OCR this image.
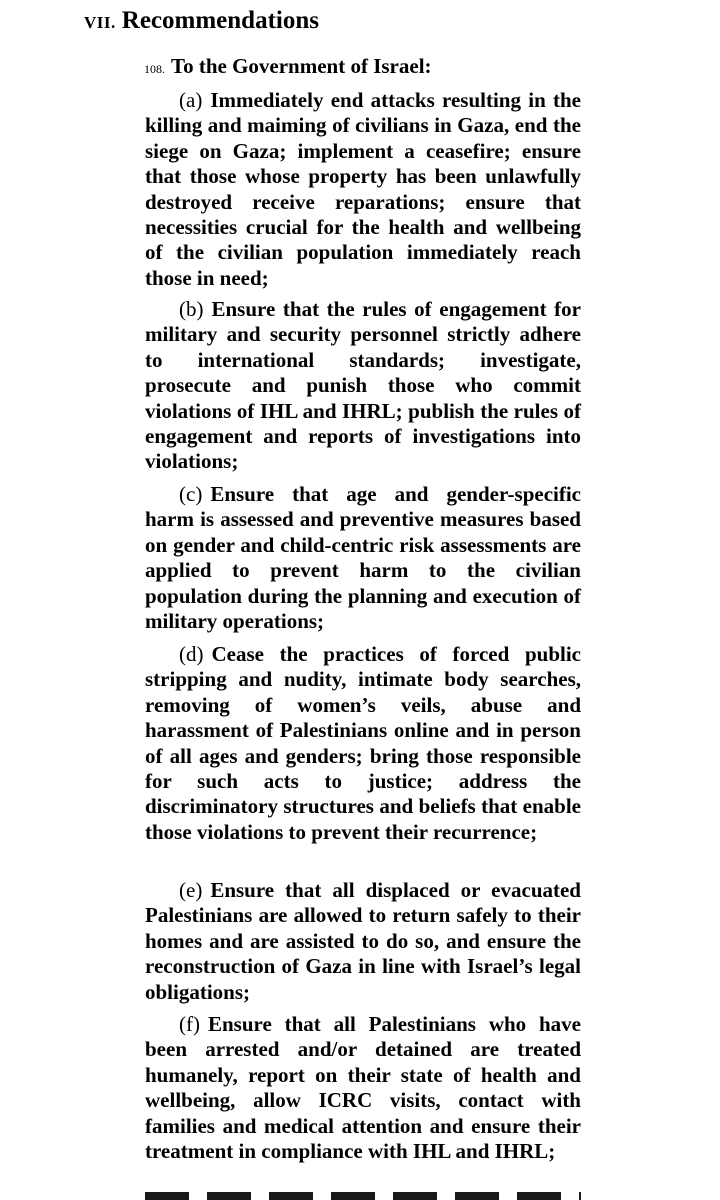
VII. Recommendations
108. To the Government of Israel:

(a) Immediately end attacks resulting in the killing and maiming of civilians in Gaza, end the siege on Gaza; implement a ceasefire; ensure that those whose property has been unlawfully destroyed receive reparations; ensure that necessities crucial for the health and wellbeing of the civilian population immediately reach those in need;

(b) Ensure that the rules of engagement for military and security personnel strictly adhere to international standards; investigate, prosecute and punish those who commit violations of IHL and IHRL; publish the rules of engagement and reports of investigations into violations;

(c) Ensure that age and gender-specific harm is assessed and preventive measures based on gender and child-centric risk assessments are applied to prevent harm to the civilian population during the planning and execution of military operations;

(d) Cease the practices of forced public stripping and nudity, intimate body searches, removing of women’s veils, abuse and harassment of Palestinians online and in person of all ages and genders; bring those responsible for such acts to justice; address the discriminatory structures and beliefs that enable those violations to prevent their recurrence;

(e) Ensure that all displaced or evacuated Palestinians are allowed to return safely to their homes and are assisted to do so, and ensure the reconstruction of Gaza in line with Israel’s legal obligations;

(f) Ensure that all Palestinians who have been arrested and/or detained are treated humanely, report on their state of health and wellbeing, allow ICRC visits, contact with families and medical attention and ensure their treatment in compliance with IHL and IHRL;
